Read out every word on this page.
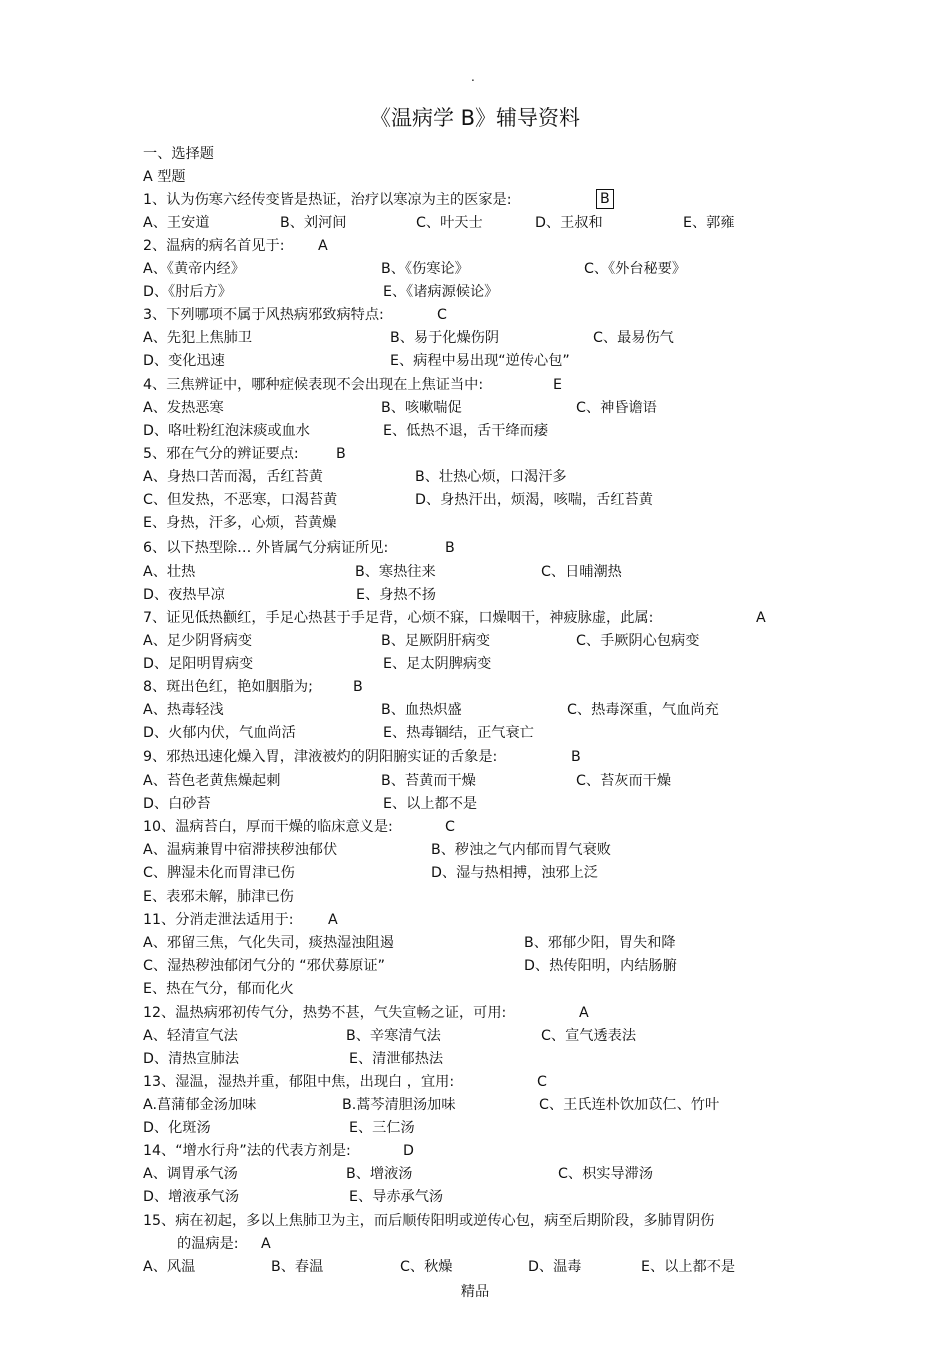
.
《温病学 B》辅导资料
一、选择题
A 型题
1、认为伤寒六经传变皆是热证，治疗以寒凉为主的医家是:	B
A、王安道	B、刘河间	C、叶天士	D、王叔和	E、郭雍
2、温病的病名首见于: A
A、《黄帝内经》	B、《伤寒论》	C、《外台秘要》
D、《肘后方》	E、《诸病源候论》
3、下列哪项不属于风热病邪致病特点:	C
A、先犯上焦肺卫	B、易于化燥伤阴	C、最易伤气
D、变化迅速	E、病程中易出现“逆传心包”
4、三焦辨证中，哪种症候表现不会出现在上焦证当中:	E
A、发热恶寒	B、咳嗽喘促	C、神昏谵语
D、咯吐粉红泡沫痰或血水	E、低热不退，舌干绛而痿
5、邪在气分的辨证要点:	B
A、身热口苦而渴，舌红苔黄	B、壮热心烦，口渴汗多
C、但发热，不恶寒，口渴苔黄	D、身热汗出，烦渴，咳喘，舌红苔黄
E、身热，汗多，心烦，苔黄燥
6、以下热型除… 外皆属气分病证所见:	B
A、壮热	B、寒热往来	C、日晡潮热
D、夜热早凉	E、身热不扬
7、证见低热颧红，手足心热甚于手足背，心烦不寐，口燥咽干，神疲脉虚，此属:	A
A、足少阴肾病变	B、足厥阴肝病变	C、手厥阴心包病变
D、足阳明胃病变	E、足太阴脾病变
8、斑出色红，艳如胭脂为;	B
A、热毒轻浅	B、血热炽盛	C、热毒深重，气血尚充
D、火郁内伏，气血尚活	E、热毒锢结，正气衰亡
9、邪热迅速化燥入胃，津液被灼的阴阳腑实证的舌象是:	B
A、苔色老黄焦燥起刺	B、苔黄而干燥	C、苔灰而干燥
D、白砂苔	E、以上都不是
10、温病苔白，厚而干燥的临床意义是:	C
A、温病兼胃中宿滞挟秽浊郁伏	B、秽浊之气内郁而胃气衰败
C、脾湿未化而胃津已伤	D、湿与热相搏，浊邪上泛
E、表邪未解，肺津已伤
11、分消走泄法适用于: A
A、邪留三焦，气化失司，痰热湿浊阻遏	B、邪郁少阳，胃失和降
C、湿热秽浊郁闭气分的 “邪伏募原证”	D、热传阳明，内结肠腑
E、热在气分，郁而化火
12、温热病邪初传气分，热势不甚，气失宣畅之证，可用:	A
A、轻清宣气法	B、辛寒清气法	C、宣气透表法
D、清热宣肺法	E、清泄郁热法
13、湿温，湿热并重，郁阻中焦，出现白 ，宜用:	C
A.菖蒲郁金汤加味	B.蒿芩清胆汤加味	C、王氏连朴饮加苡仁、竹叶
D、化斑汤	E、三仁汤
14、“增水行舟”法的代表方剂是:	D
A、调胃承气汤	B、增液汤	C、枳实导滞汤
D、增液承气汤	E、导赤承气汤
15、病在初起，多以上焦肺卫为主，而后顺传阳明或逆传心包，病至后期阶段，多肺胃阴伤
的温病是: A
A、风温	B、春温	C、秋燥	D、温毒	E、以上都不是
精品
